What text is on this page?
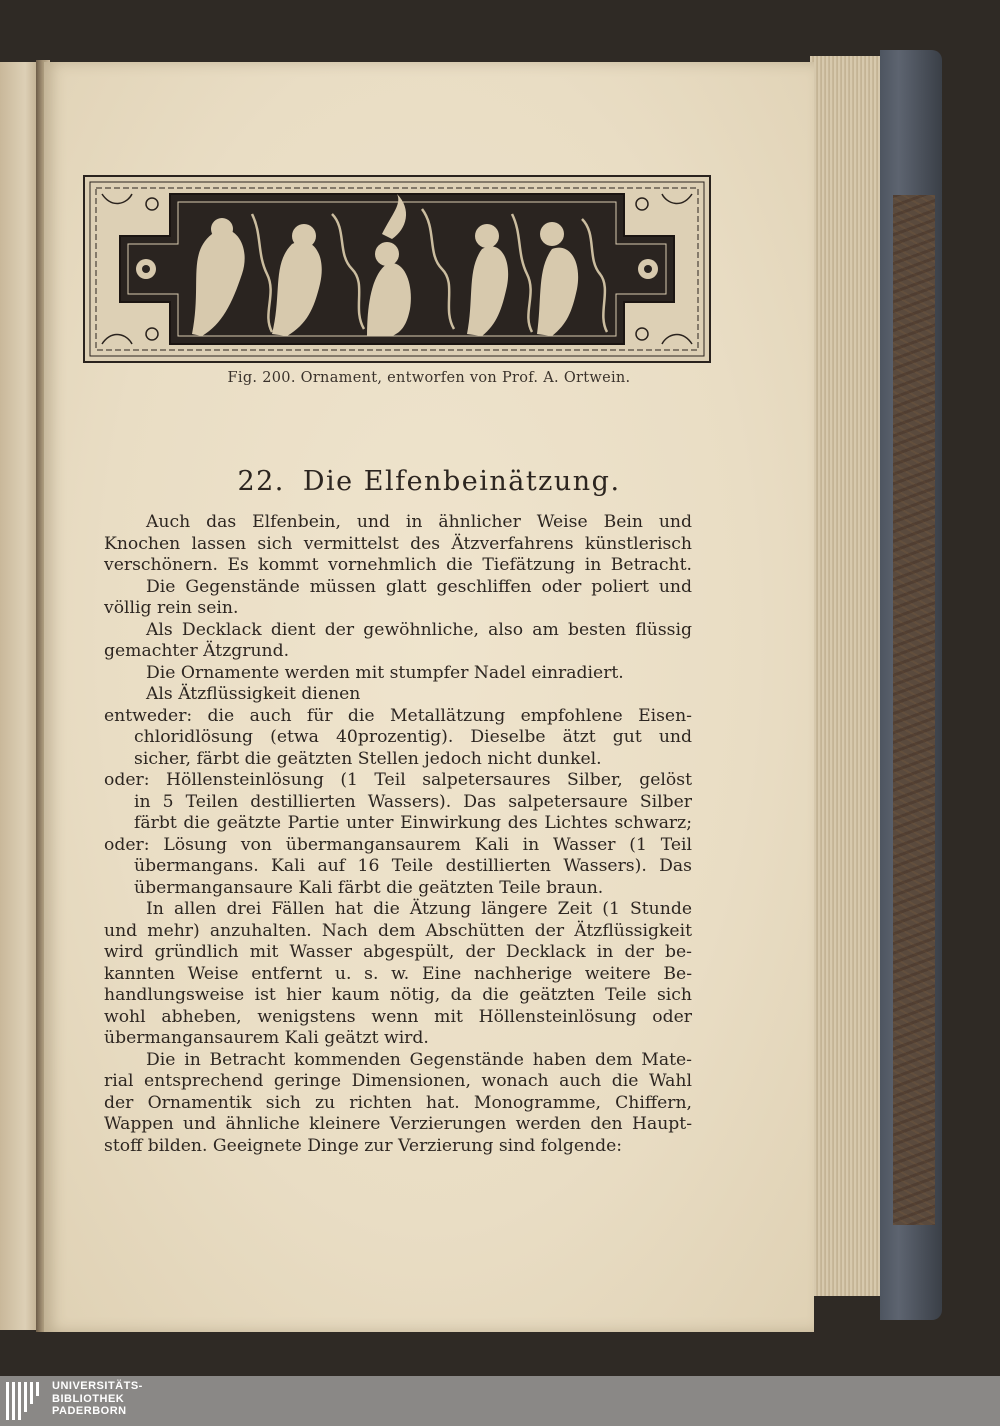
Fig. 200. Ornament, entworfen von Prof. A. Ortwein.
22. Die Elfenbeinätzung.
Auch das Elfenbein, und in ähnlicher Weise Bein und
Knochen lassen sich vermittelst des Ätzverfahrens künstlerisch
verschönern. Es kommt vornehmlich die Tiefätzung in Betracht.
Die Gegenstände müssen glatt geschliffen oder poliert und
völlig rein sein.
Als Decklack dient der gewöhnliche, also am besten flüssig
gemachter Ätzgrund.
Die Ornamente werden mit stumpfer Nadel einradiert.
Als Ätzflüssigkeit dienen
entweder: die auch für die Metallätzung empfohlene Eisen-
chloridlösung (etwa 40prozentig). Dieselbe ätzt gut und
sicher, färbt die geätzten Stellen jedoch nicht dunkel.
oder: Höllensteinlösung (1 Teil salpetersaures Silber, gelöst
in 5 Teilen destillierten Wassers). Das salpetersaure Silber
färbt die geätzte Partie unter Einwirkung des Lichtes schwarz;
oder: Lösung von übermangansaurem Kali in Wasser (1 Teil
übermangans. Kali auf 16 Teile destillierten Wassers). Das
übermangansaure Kali färbt die geätzten Teile braun.
In allen drei Fällen hat die Ätzung längere Zeit (1 Stunde
und mehr) anzuhalten. Nach dem Abschütten der Ätzflüssigkeit
wird gründlich mit Wasser abgespült, der Decklack in der be-
kannten Weise entfernt u. s. w. Eine nachherige weitere Be-
handlungsweise ist hier kaum nötig, da die geätzten Teile sich
wohl abheben, wenigstens wenn mit Höllensteinlösung oder
übermangansaurem Kali geätzt wird.
Die in Betracht kommenden Gegenstände haben dem Mate-
rial entsprechend geringe Dimensionen, wonach auch die Wahl
der Ornamentik sich zu richten hat. Monogramme, Chiffern,
Wappen und ähnliche kleinere Verzierungen werden den Haupt-
stoff bilden. Geeignete Dinge zur Verzierung sind folgende:
UNIVERSITÄTS-
BIBLIOTHEK
PADERBORN
